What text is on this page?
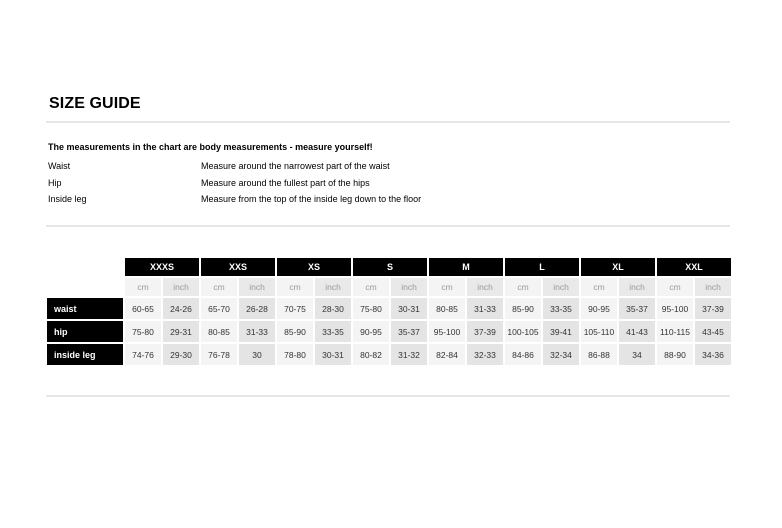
SIZE GUIDE
The measurements in the chart are body measurements - measure yourself!
Waist	Measure around the narrowest part of the waist
Hip	Measure around the fullest part of the hips
Inside leg	Measure from the top of the inside leg down to the floor
	XXXS		XXS		XS		S		M		L		XL		XXL	
	cm	inch	cm	inch	cm	inch	cm	inch	cm	inch	cm	inch	cm	inch	cm	inch
waist	60-65	24-26	65-70	26-28	70-75	28-30	75-80	30-31	80-85	31-33	85-90	33-35	90-95	35-37	95-100	37-39
hip	75-80	29-31	80-85	31-33	85-90	33-35	90-95	35-37	95-100	37-39	100-105	39-41	105-110	41-43	110-115	43-45
inside leg	74-76	29-30	76-78	30	78-80	30-31	80-82	31-32	82-84	32-33	84-86	32-34	86-88	34	88-90	34-36
